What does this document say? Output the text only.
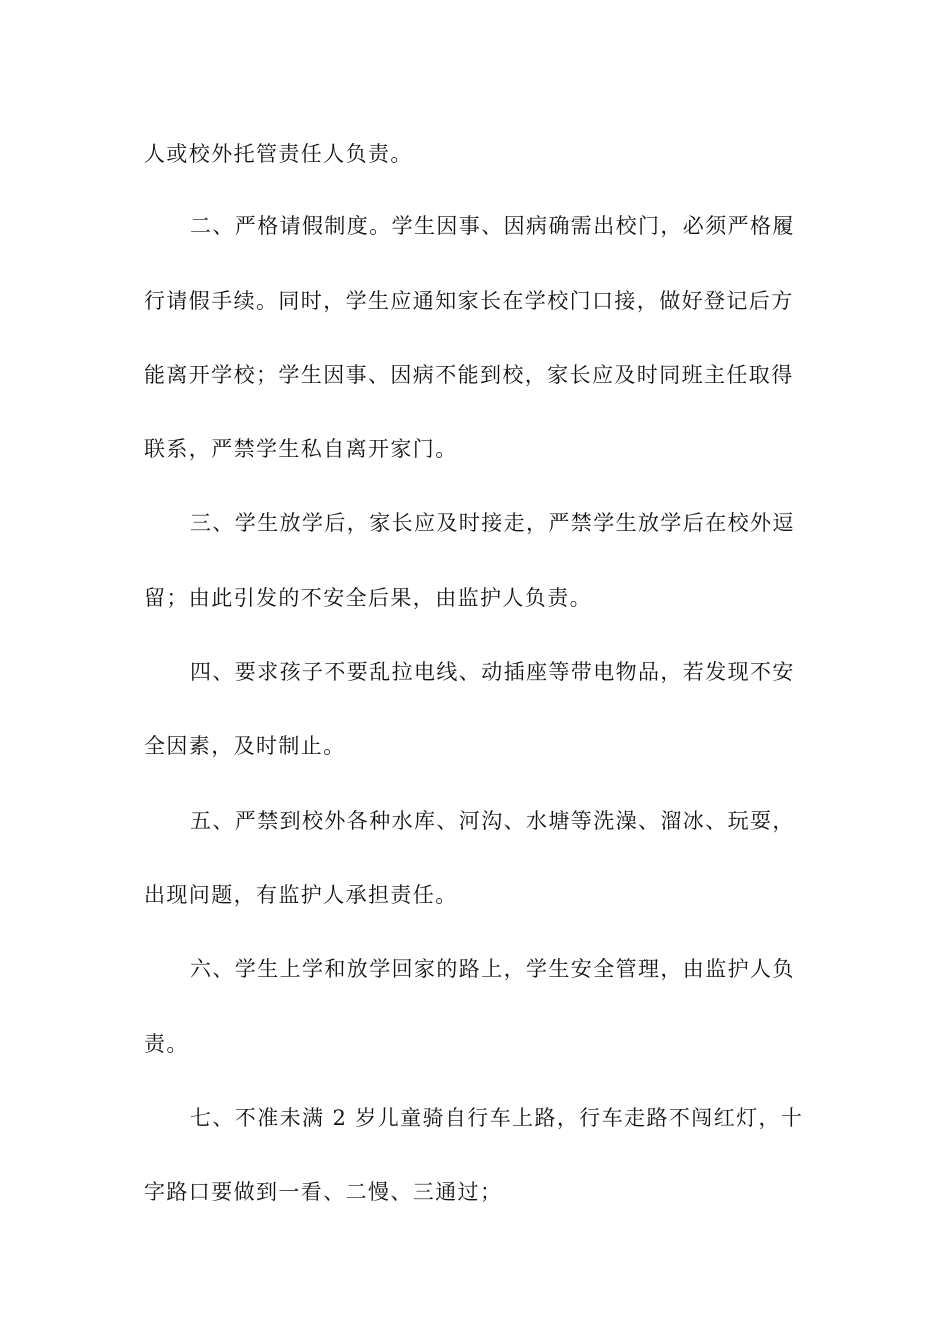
人或校外托管责任人负责。
二、严格请假制度。学生因事、因病确需出校门，必须严格履
行请假手续。同时，学生应通知家长在学校门口接，做好登记后方
能离开学校；学生因事、因病不能到校，家长应及时同班主任取得
联系，严禁学生私自离开家门。
三、学生放学后，家长应及时接走，严禁学生放学后在校外逗
留；由此引发的不安全后果，由监护人负责。
四、要求孩子不要乱拉电线、动插座等带电物品，若发现不安
全因素，及时制止。
五、严禁到校外各种水库、河沟、水塘等洗澡、溜冰、玩耍，
出现问题，有监护人承担责任。
六、学生上学和放学回家的路上，学生安全管理，由监护人负
责。
七、不准未满 2 岁儿童骑自行车上路，行车走路不闯红灯，十
字路口要做到一看、二慢、三通过；
